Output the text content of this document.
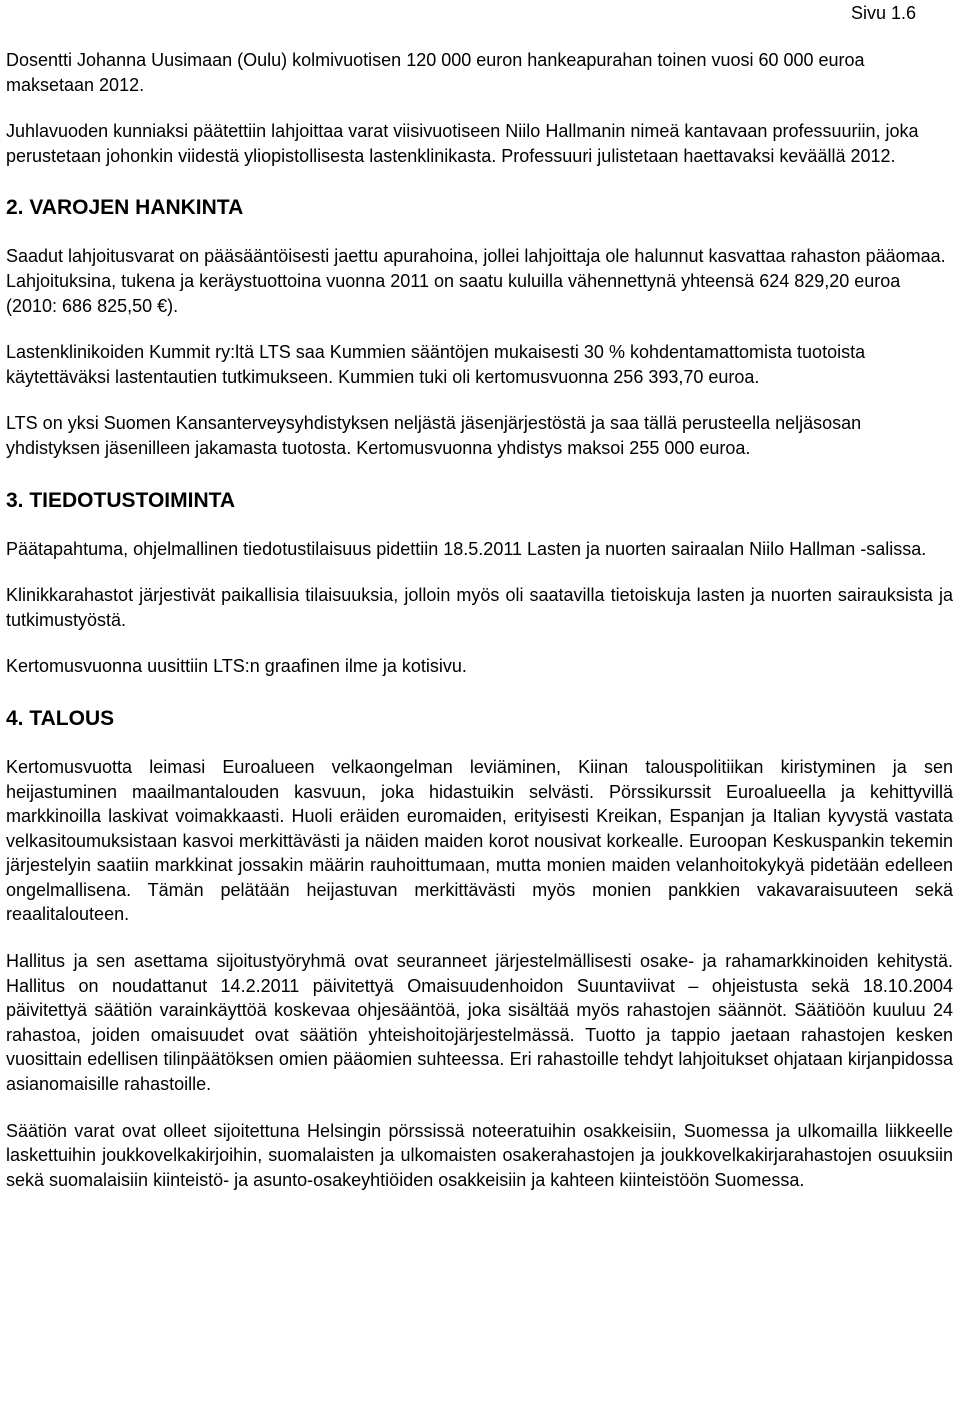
Sivu 1.6

Dosentti Johanna Uusimaan (Oulu) kolmivuotisen 120 000 euron hankeapurahan toinen vuosi 60 000 euroa maksetaan 2012.

Juhlavuoden kunniaksi päätettiin lahjoittaa varat viisivuotiseen Niilo Hallmanin nimeä kantavaan professuuriin, joka perustetaan johonkin viidestä yliopistollisesta lastenklinikasta. Professuuri julistetaan haettavaksi keväällä 2012.

2. VAROJEN HANKINTA

Saadut lahjoitusvarat on pääsääntöisesti jaettu apurahoina, jollei lahjoittaja ole halunnut kasvattaa rahaston pääomaa. Lahjoituksina, tukena ja keräystuottoina vuonna 2011 on saatu kuluilla vähennettynä yhteensä 624 829,20 euroa (2010: 686 825,50 €).

Lastenklinikoiden Kummit ry:ltä LTS saa Kummien sääntöjen mukaisesti 30 % kohdentamattomista tuotoista käytettäväksi lastentautien tutkimukseen. Kummien tuki oli kertomusvuonna 256 393,70 euroa.

LTS on yksi Suomen Kansanterveysyhdistyksen neljästä jäsenjärjestöstä ja saa tällä perusteella neljäsosan yhdistyksen jäsenilleen jakamasta tuotosta. Kertomusvuonna yhdistys maksoi 255 000 euroa.

3. TIEDOTUSTOIMINTA

Päätapahtuma, ohjelmallinen tiedotustilaisuus pidettiin 18.5.2011 Lasten ja nuorten sairaalan Niilo Hallman -salissa.

Klinikkarahastot järjestivät paikallisia tilaisuuksia, jolloin myös oli saatavilla tietoiskuja lasten ja nuorten sairauksista ja tutkimustyöstä.

Kertomusvuonna uusittiin LTS:n graafinen ilme ja kotisivu.

4. TALOUS

Kertomusvuotta leimasi Euroalueen velkaongelman leviäminen, Kiinan talouspolitiikan kiristyminen ja sen heijastuminen maailmantalouden kasvuun, joka hidastuikin selvästi. Pörssikurssit Euroalueella ja kehittyvillä markkinoilla laskivat voimakkaasti. Huoli eräiden euromaiden, erityisesti Kreikan, Espanjan ja Italian kyvystä vastata velkasitoumuksistaan kasvoi merkittävästi ja näiden maiden korot nousivat korkealle. Euroopan Keskuspankin tekemin järjestelyin saatiin markkinat jossakin määrin rauhoittumaan, mutta monien maiden velanhoitokykyä pidetään edelleen ongelmallisena. Tämän pelätään heijastuvan merkittävästi myös monien pankkien vakavaraisuuteen sekä reaalitalouteen.

Hallitus ja sen asettama sijoitustyöryhmä ovat seuranneet järjestelmällisesti osake- ja rahamarkkinoiden kehitystä. Hallitus on noudattanut 14.2.2011 päivitettyä Omaisuudenhoidon Suuntaviivat – ohjeistusta sekä 18.10.2004 päivitettyä säätiön varainkäyttöä koskevaa ohjesääntöä, joka sisältää myös rahastojen säännöt. Säätiöön kuuluu 24 rahastoa, joiden omaisuudet ovat säätiön yhteishoitojärjestelmässä. Tuotto ja tappio jaetaan rahastojen kesken vuosittain edellisen tilinpäätöksen omien pääomien suhteessa. Eri rahastoille tehdyt lahjoitukset ohjataan kirjanpidossa asianomaisille rahastoille.

Säätiön varat ovat olleet sijoitettuna Helsingin pörssissä noteeratuihin osakkeisiin, Suomessa ja ulkomailla liikkeelle laskettuihin joukkovelkakirjoihin, suomalaisten ja ulkomaisten osakerahastojen ja joukkovelkakirjarahastojen osuuksiin sekä suomalaisiin kiinteistö- ja asunto-osakeyhtiöiden osakkeisiin ja kahteen kiinteistöön Suomessa.
